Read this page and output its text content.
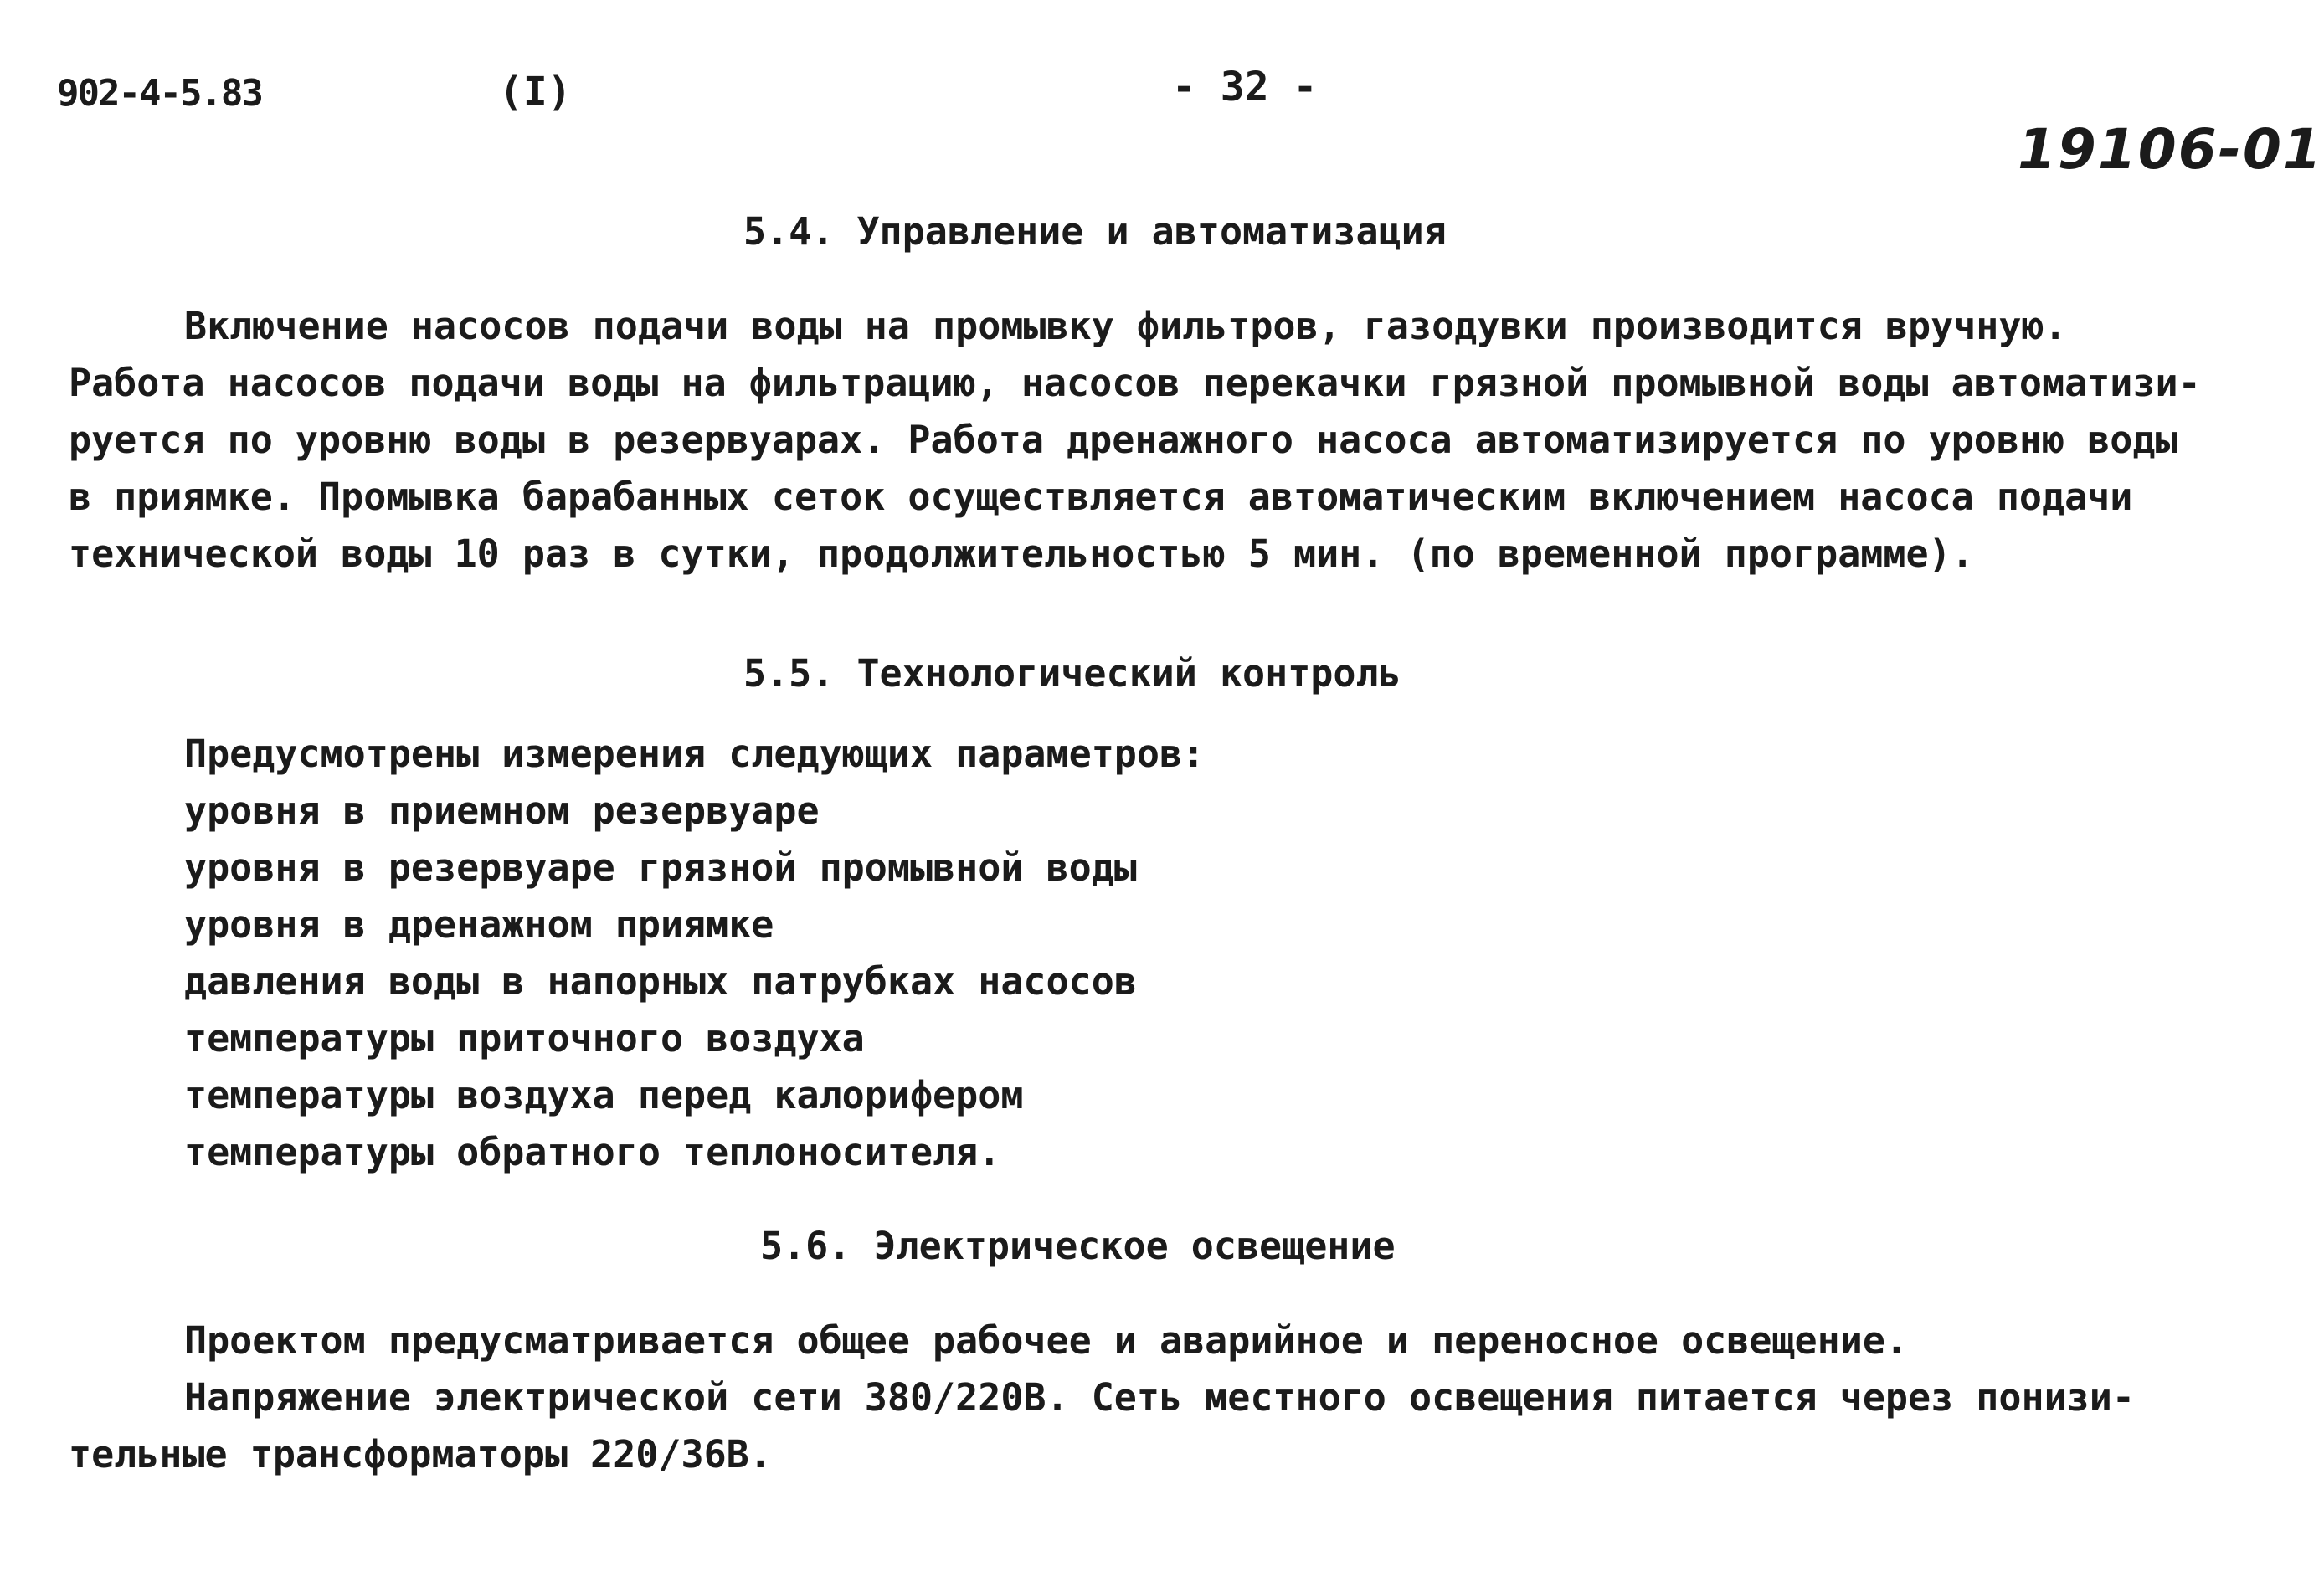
902-4-5.83	(I)	- 32 -
19106-01
5.4. Управление и автоматизация
Включение насосов подачи воды на промывку фильтров, газодувки производится вручную.
Работа насосов подачи воды на фильтрацию, насосов перекачки грязной промывной воды автоматизи-
руется по уровню воды в резервуарах. Работа дренажного насоса автоматизируется по уровню воды
в приямке. Промывка барабанных сеток осуществляется автоматическим включением насоса подачи
технической воды 10 раз в сутки, продолжительностью 5 мин. (по временной программе).
5.5. Технологический контроль
Предусмотрены измерения следующих параметров:
уровня в приемном резервуаре
уровня в резервуаре грязной промывной воды
уровня в дренажном приямке
давления воды в напорных патрубках насосов
температуры приточного воздуха
температуры воздуха перед калорифером
температуры обратного теплоносителя.
5.6. Электрическое освещение
Проектом предусматривается общее рабочее и аварийное и переносное освещение.
Напряжение электрической сети 380/220В. Сеть местного освещения питается через понизи-
тельные трансформаторы 220/36В.
